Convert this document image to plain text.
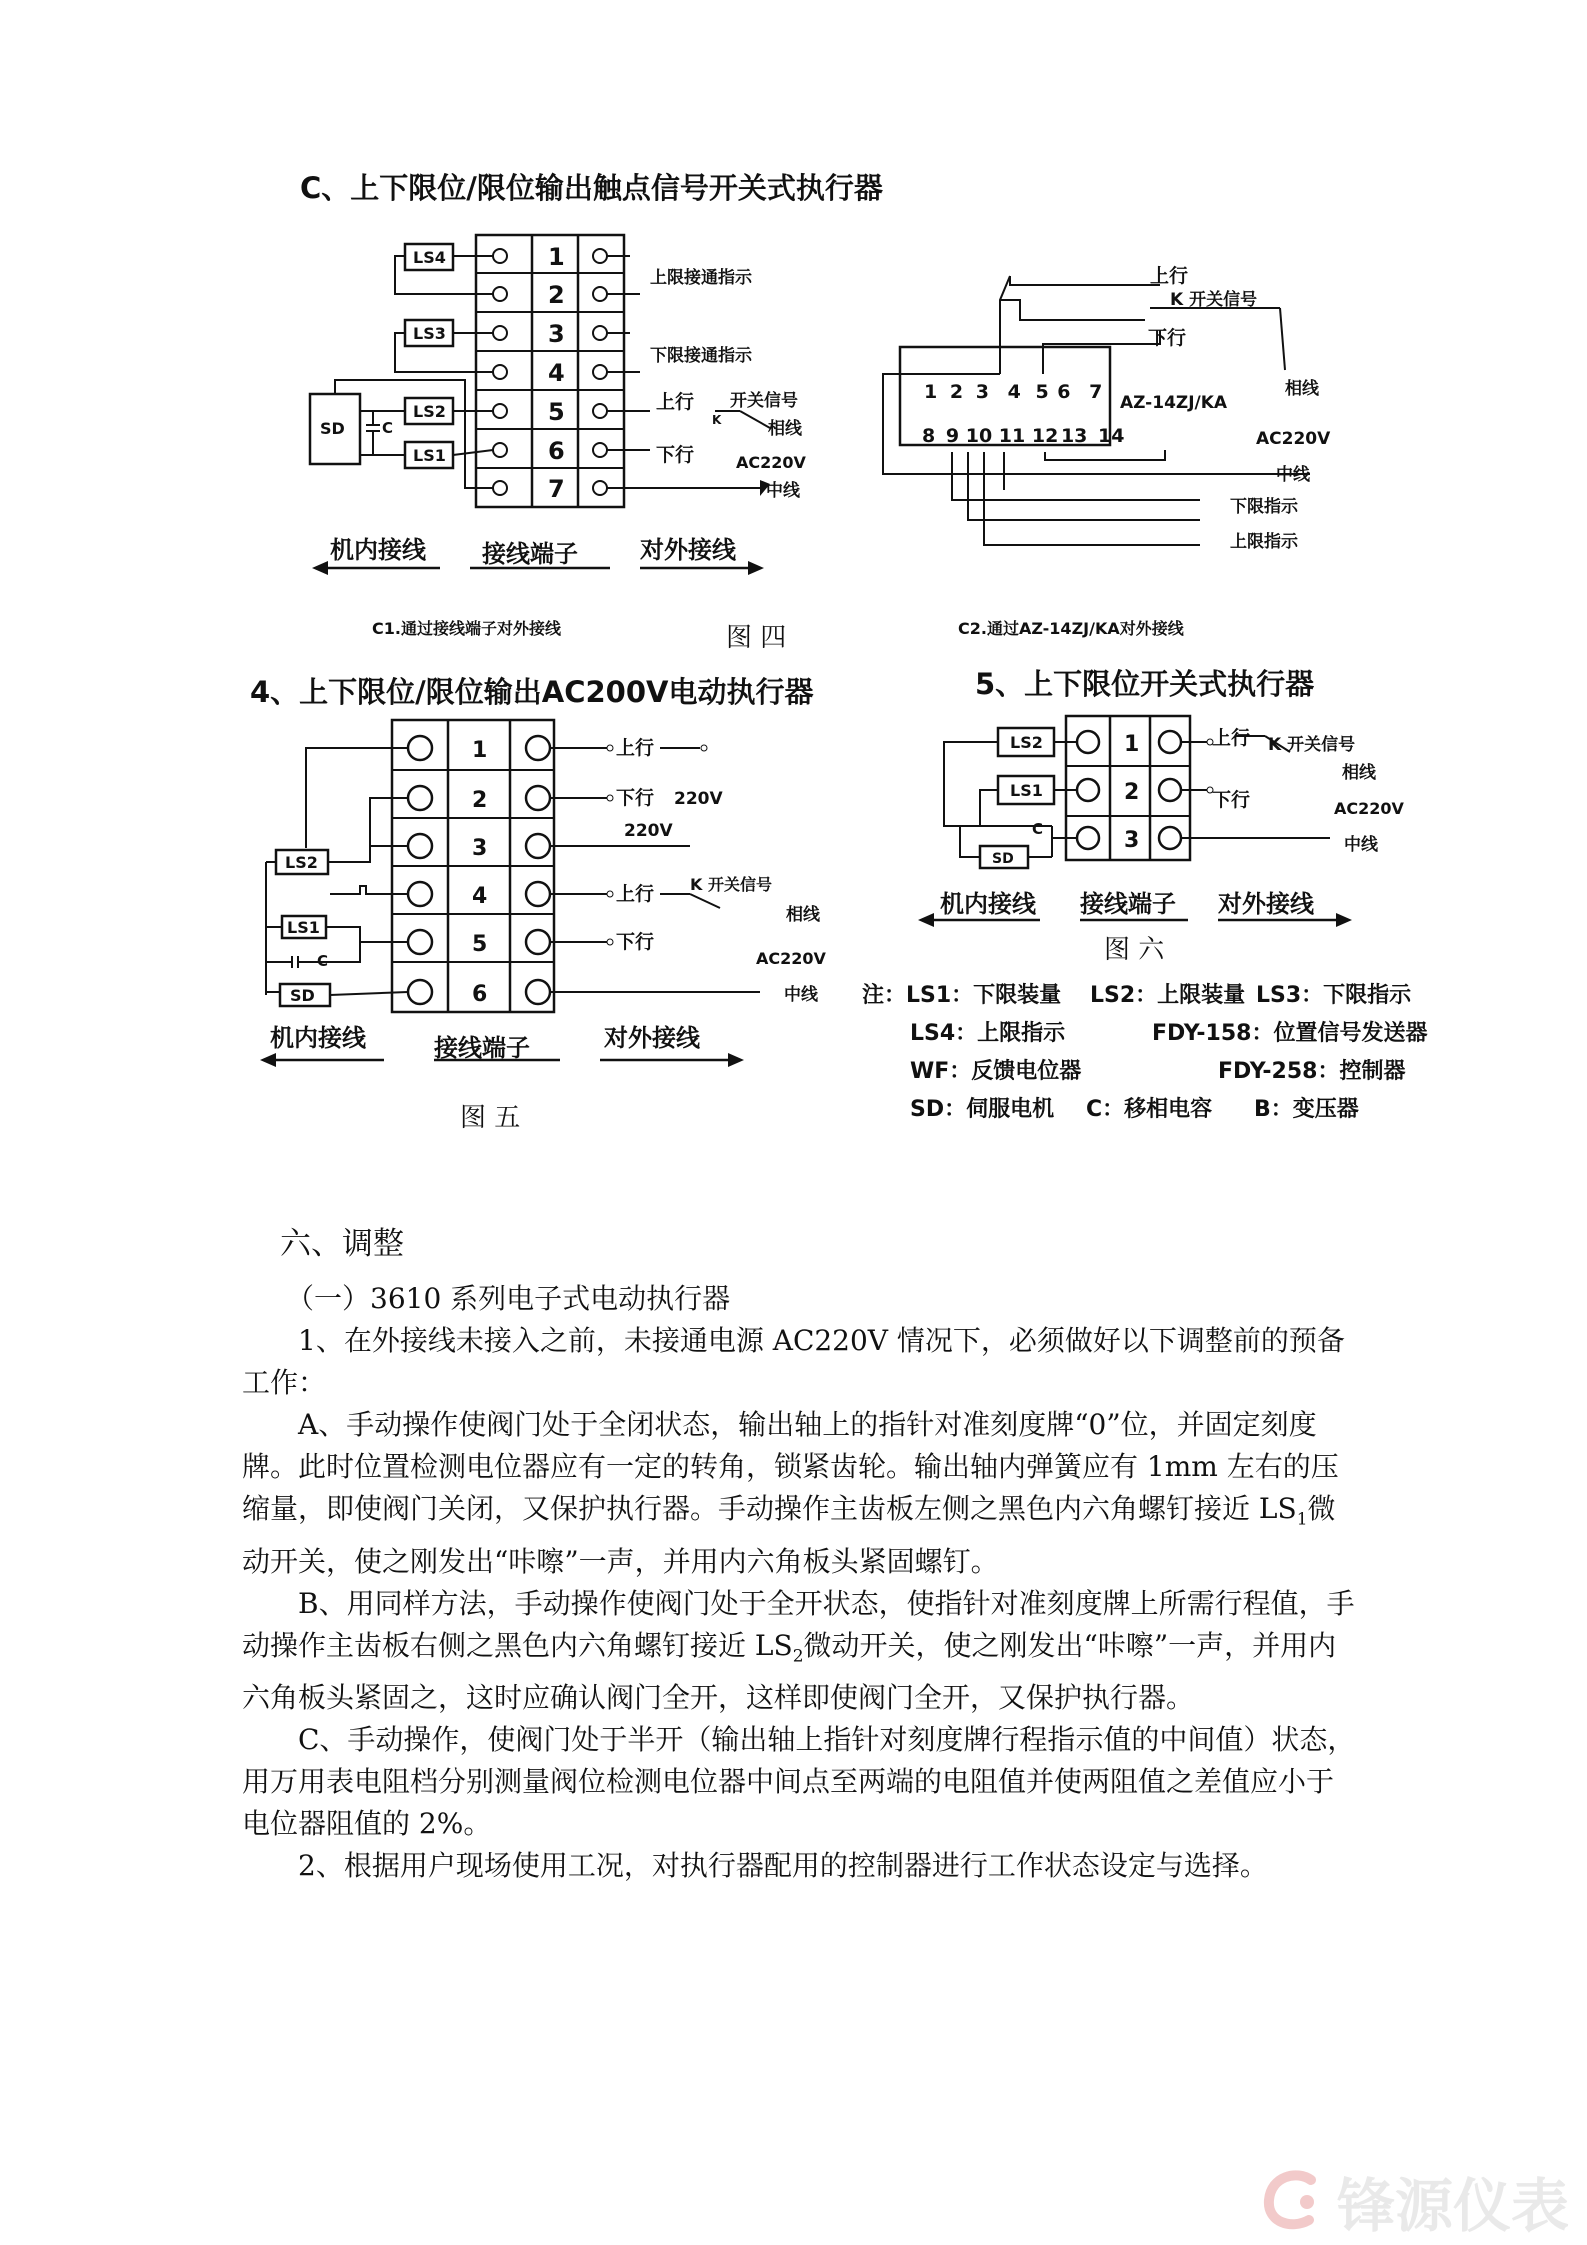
C、上下限位/限位输出触点信号开关式执行器
4、上下限位/限位输出AC200V电动执行器	5、上下限位开关式执行器
1
2
3
4
5
6
7
LS4
LS3
LS2
LS1
SD C
上限接通指示
下限接通指示
上行 开关信号
K	相线
下行	AC220V
中线
机内接线 接线端子	对外接线
C1.通过接线端子对外接线	图 四
1 2 3 4 5 6 7
8 9 10 11 12 13 14
AZ-14ZJ/KA
上行
K 开关信号
下行
相线
AC220V
中线
下限指示
上限指示
C2.通过AZ-14ZJ/KA对外接线
1
2
3
4
5
6
LS2
LS1
SD
C
上行
下行 220V
220V
上行 K 开关信号
相线
下行
AC220V
中线
机内接线	接线端子	对外接线
图 五
1
2
3
LS2
LS1
SD
C
上行 K 开关信号
相线
下行	AC220V
中线
机内接线 接线端子 对外接线
图 六
注：LS1：下限装量 LS2：上限装量 LS3：下限指示
LS4：上限指示	FDY-158：位置信号发送器
WF：反馈电位器	FDY-258：控制器
SD：伺服电机 C：移相电容 B：变压器
六、调整

（一）3610 系列电子式电动执行器

1、在外接线未接入之前，未接通电源 AC220V 情况下，必须做好以下调整前的预备工作：

A、手动操作使阀门处于全闭状态，输出轴上的指针对准刻度牌“0”位，并固定刻度牌。此时位置检测电位器应有一定的转角，锁紧齿轮。输出轴内弹簧应有 1mm 左右的压缩量，即使阀门关闭，又保护执行器。手动操作主齿板左侧之黑色内六角螺钉接近 $LS_1$微动开关，使之刚发出“咔嚓”一声，并用内六角板头紧固螺钉。

B、用同样方法，手动操作使阀门处于全开状态，使指针对准刻度牌上所需行程值，手动操作主齿板右侧之黑色内六角螺钉接近 $LS_2$微动开关，使之刚发出“咔嚓”一声，并用内六角板头紧固之，这时应确认阀门全开，这样即使阀门全开，又保护执行器。

C、手动操作，使阀门处于半开（输出轴上指针对刻度牌行程指示值的中间值）状态，用万用表电阻档分别测量阀位检测电位器中间点至两端的电阻值并使两阻值之差值应小于电位器阻值的 2%。

2、根据用户现场使用工况，对执行器配用的控制器进行工作状态设定与选择。

锋源仪表
